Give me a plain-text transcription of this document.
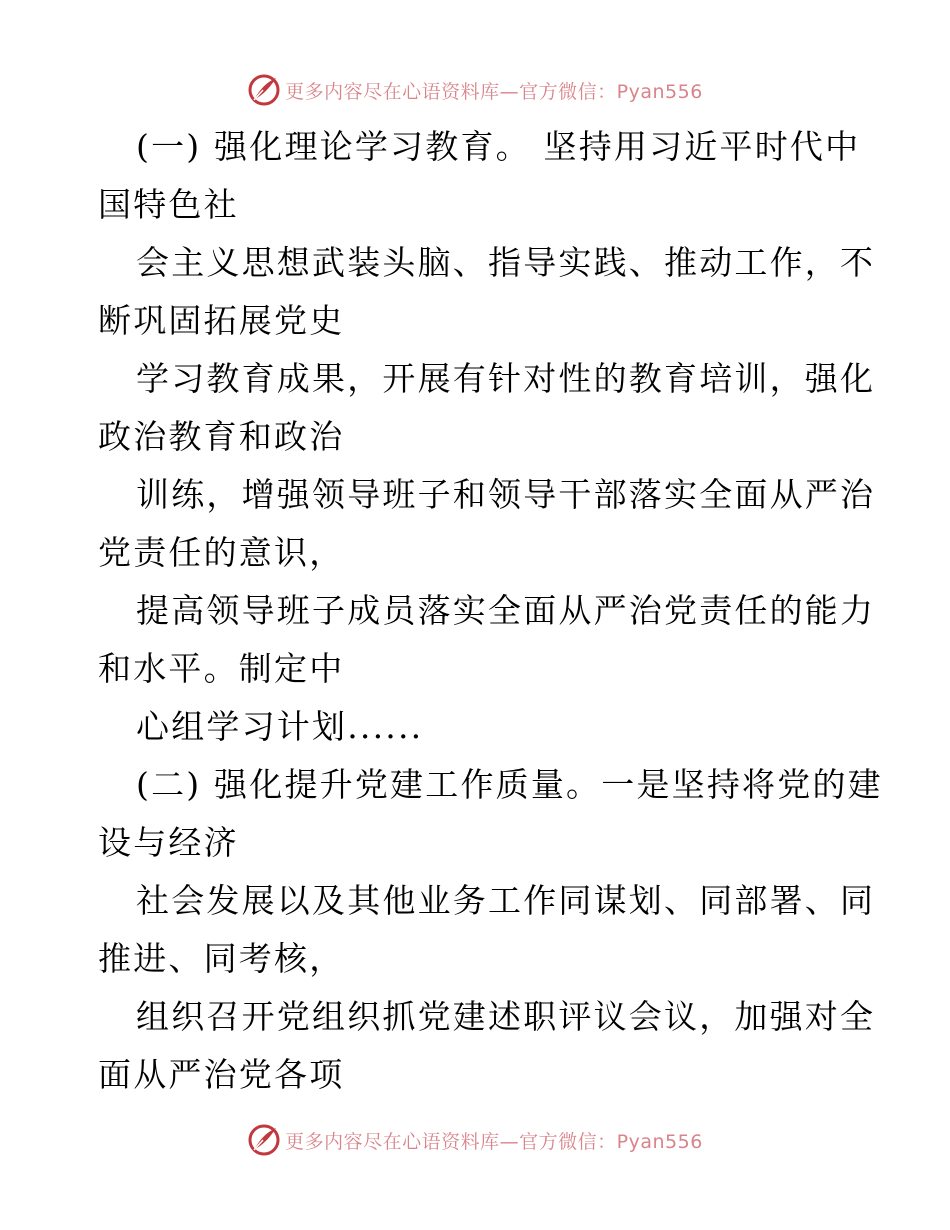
更多内容尽在心语资料库—官方微信：Pyan556
(一) 强化理论学习教育。 坚持用习近平时代中
国特色社
会主义思想武装头脑、指导实践、推动工作，不
断巩固拓展党史
学习教育成果，开展有针对性的教育培训，强化
政治教育和政治
训练，增强领导班子和领导干部落实全面从严治
党责任的意识，
提高领导班子成员落实全面从严治党责任的能力
和水平。制定中
心组学习计划......
(二) 强化提升党建工作质量。一是坚持将党的建
设与经济
社会发展以及其他业务工作同谋划、同部署、同
推进、同考核，
组织召开党组织抓党建述职评议会议，加强对全
面从严治党各项
更多内容尽在心语资料库—官方微信：Pyan556
